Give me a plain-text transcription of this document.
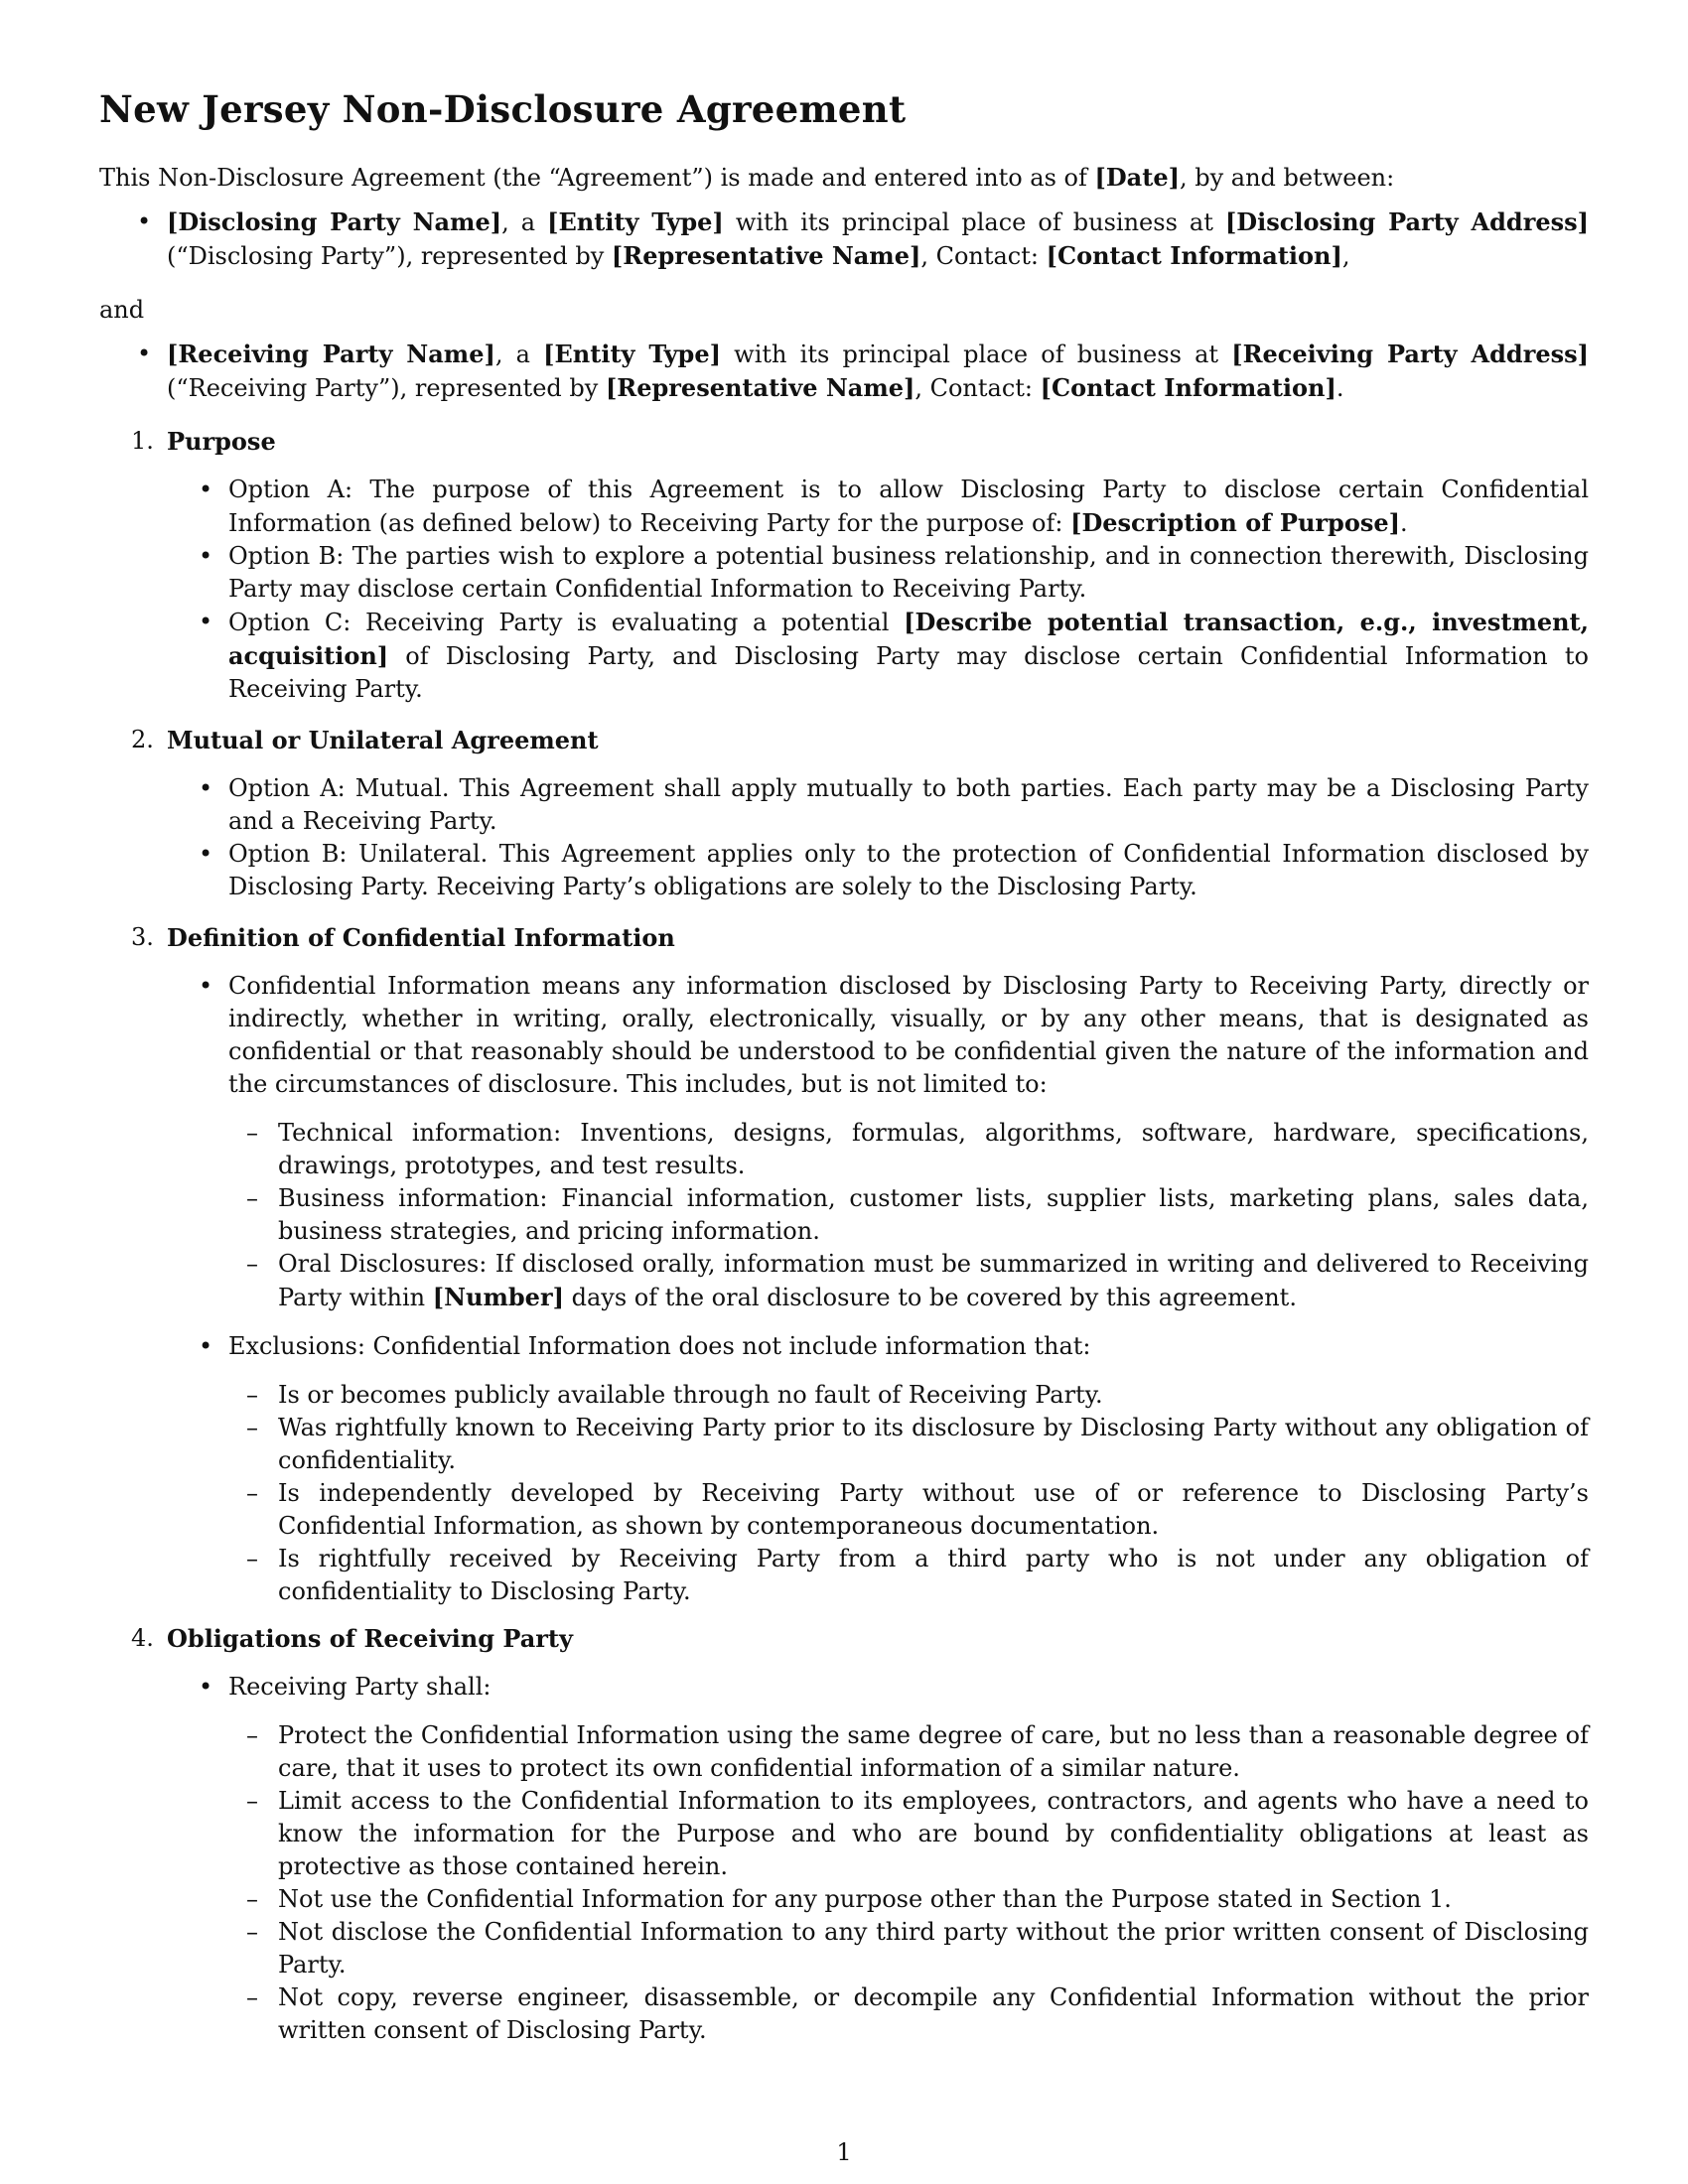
New Jersey Non-Disclosure Agreement

This Non-Disclosure Agreement (the “Agreement”) is made and entered into as of [Date], by and between:

• [Disclosing Party Name], a [Entity Type] with its principal place of business at [Disclosing Party Address] (“Disclosing Party”), represented by [Representative Name], Contact: [Contact Information],

and

• [Receiving Party Name], a [Entity Type] with its principal place of business at [Receiving Party Address] (“Receiving Party”), represented by [Representative Name], Contact: [Contact Information].
1. Purpose
• Option A: The purpose of this Agreement is to allow Disclosing Party to disclose certain Confidential Information (as defined below) to Receiving Party for the purpose of: [Description of Purpose].
• Option B: The parties wish to explore a potential business relationship, and in connection therewith, Disclosing Party may disclose certain Confidential Information to Receiving Party.
• Option C: Receiving Party is evaluating a potential [Describe potential transaction, e.g., investment, acquisition] of Disclosing Party, and Disclosing Party may disclose certain Confidential Information to Receiving Party.
2. Mutual or Unilateral Agreement
• Option A: Mutual. This Agreement shall apply mutually to both parties. Each party may be a Disclosing Party and a Receiving Party.
• Option B: Unilateral. This Agreement applies only to the protection of Confidential Information disclosed by Disclosing Party. Receiving Party’s obligations are solely to the Disclosing Party.
3. Definition of Confidential Information
• Confidential Information means any information disclosed by Disclosing Party to Receiving Party, directly or indirectly, whether in writing, orally, electronically, visually, or by any other means, that is designated as confidential or that reasonably should be understood to be confidential given the nature of the information and the circumstances of disclosure. This includes, but is not limited to:
– Technical information: Inventions, designs, formulas, algorithms, software, hardware, specifications, drawings, prototypes, and test results.
– Business information: Financial information, customer lists, supplier lists, marketing plans, sales data, business strategies, and pricing information.
– Oral Disclosures: If disclosed orally, information must be summarized in writing and delivered to Receiving Party within [Number] days of the oral disclosure to be covered by this agreement.
• Exclusions: Confidential Information does not include information that:
– Is or becomes publicly available through no fault of Receiving Party.
– Was rightfully known to Receiving Party prior to its disclosure by Disclosing Party without any obligation of confidentiality.
– Is independently developed by Receiving Party without use of or reference to Disclosing Party’s Confidential Information, as shown by contemporaneous documentation.
– Is rightfully received by Receiving Party from a third party who is not under any obligation of confidentiality to Disclosing Party.
4. Obligations of Receiving Party
• Receiving Party shall:
– Protect the Confidential Information using the same degree of care, but no less than a reasonable degree of care, that it uses to protect its own confidential information of a similar nature.
– Limit access to the Confidential Information to its employees, contractors, and agents who have a need to know the information for the Purpose and who are bound by confidentiality obligations at least as protective as those contained herein.
– Not use the Confidential Information for any purpose other than the Purpose stated in Section 1.
– Not disclose the Confidential Information to any third party without the prior written consent of Disclosing Party.
– Not copy, reverse engineer, disassemble, or decompile any Confidential Information without the prior written consent of Disclosing Party.
1
